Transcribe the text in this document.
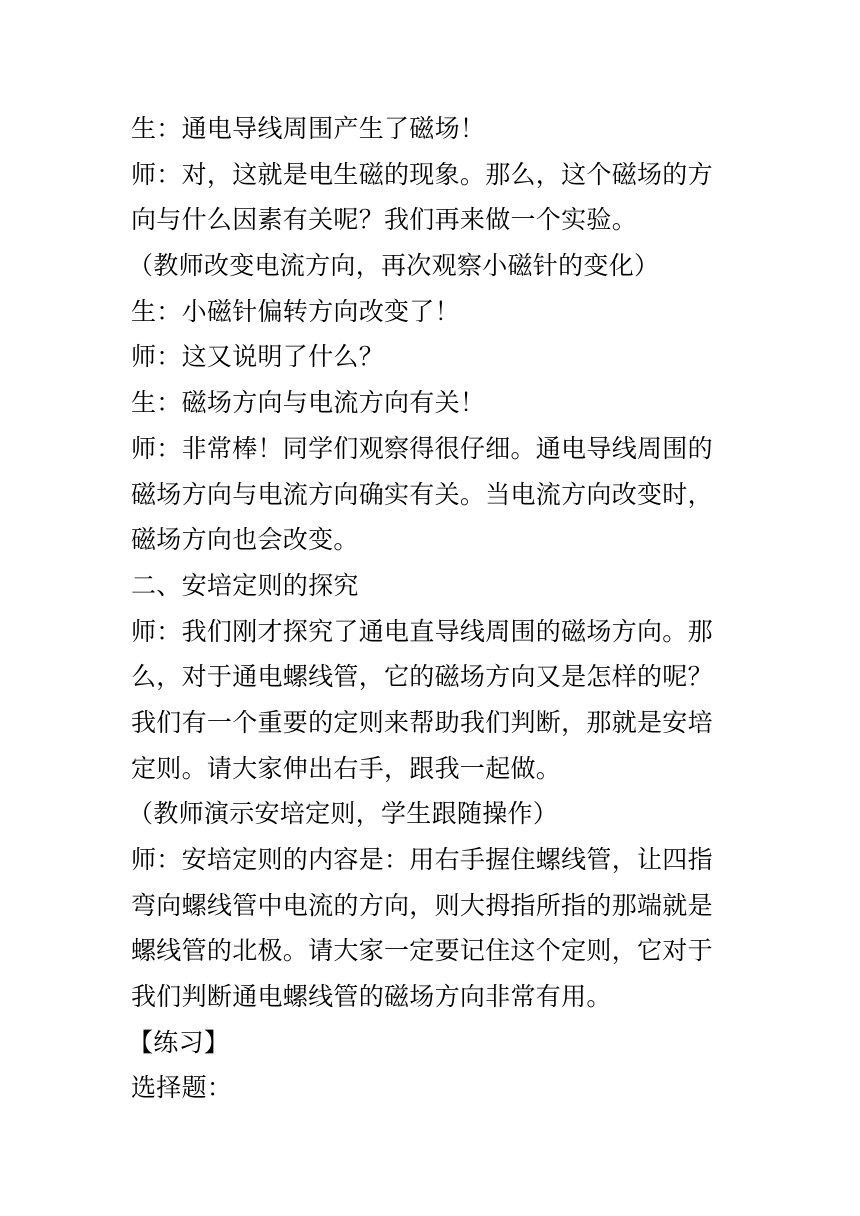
生：通电导线周围产生了磁场！
师：对，这就是电生磁的现象。那么，这个磁场的方
向与什么因素有关呢？我们再来做一个实验。
（教师改变电流方向，再次观察小磁针的变化）
生：小磁针偏转方向改变了！
师：这又说明了什么？
生：磁场方向与电流方向有关！
师：非常棒！同学们观察得很仔细。通电导线周围的
磁场方向与电流方向确实有关。当电流方向改变时，
磁场方向也会改变。
二、安培定则的探究
师：我们刚才探究了通电直导线周围的磁场方向。那
么，对于通电螺线管，它的磁场方向又是怎样的呢？
我们有一个重要的定则来帮助我们判断，那就是安培
定则。请大家伸出右手，跟我一起做。
（教师演示安培定则，学生跟随操作）
师：安培定则的内容是：用右手握住螺线管，让四指
弯向螺线管中电流的方向，则大拇指所指的那端就是
螺线管的北极。请大家一定要记住这个定则，它对于
我们判断通电螺线管的磁场方向非常有用。
【练习】
选择题：
